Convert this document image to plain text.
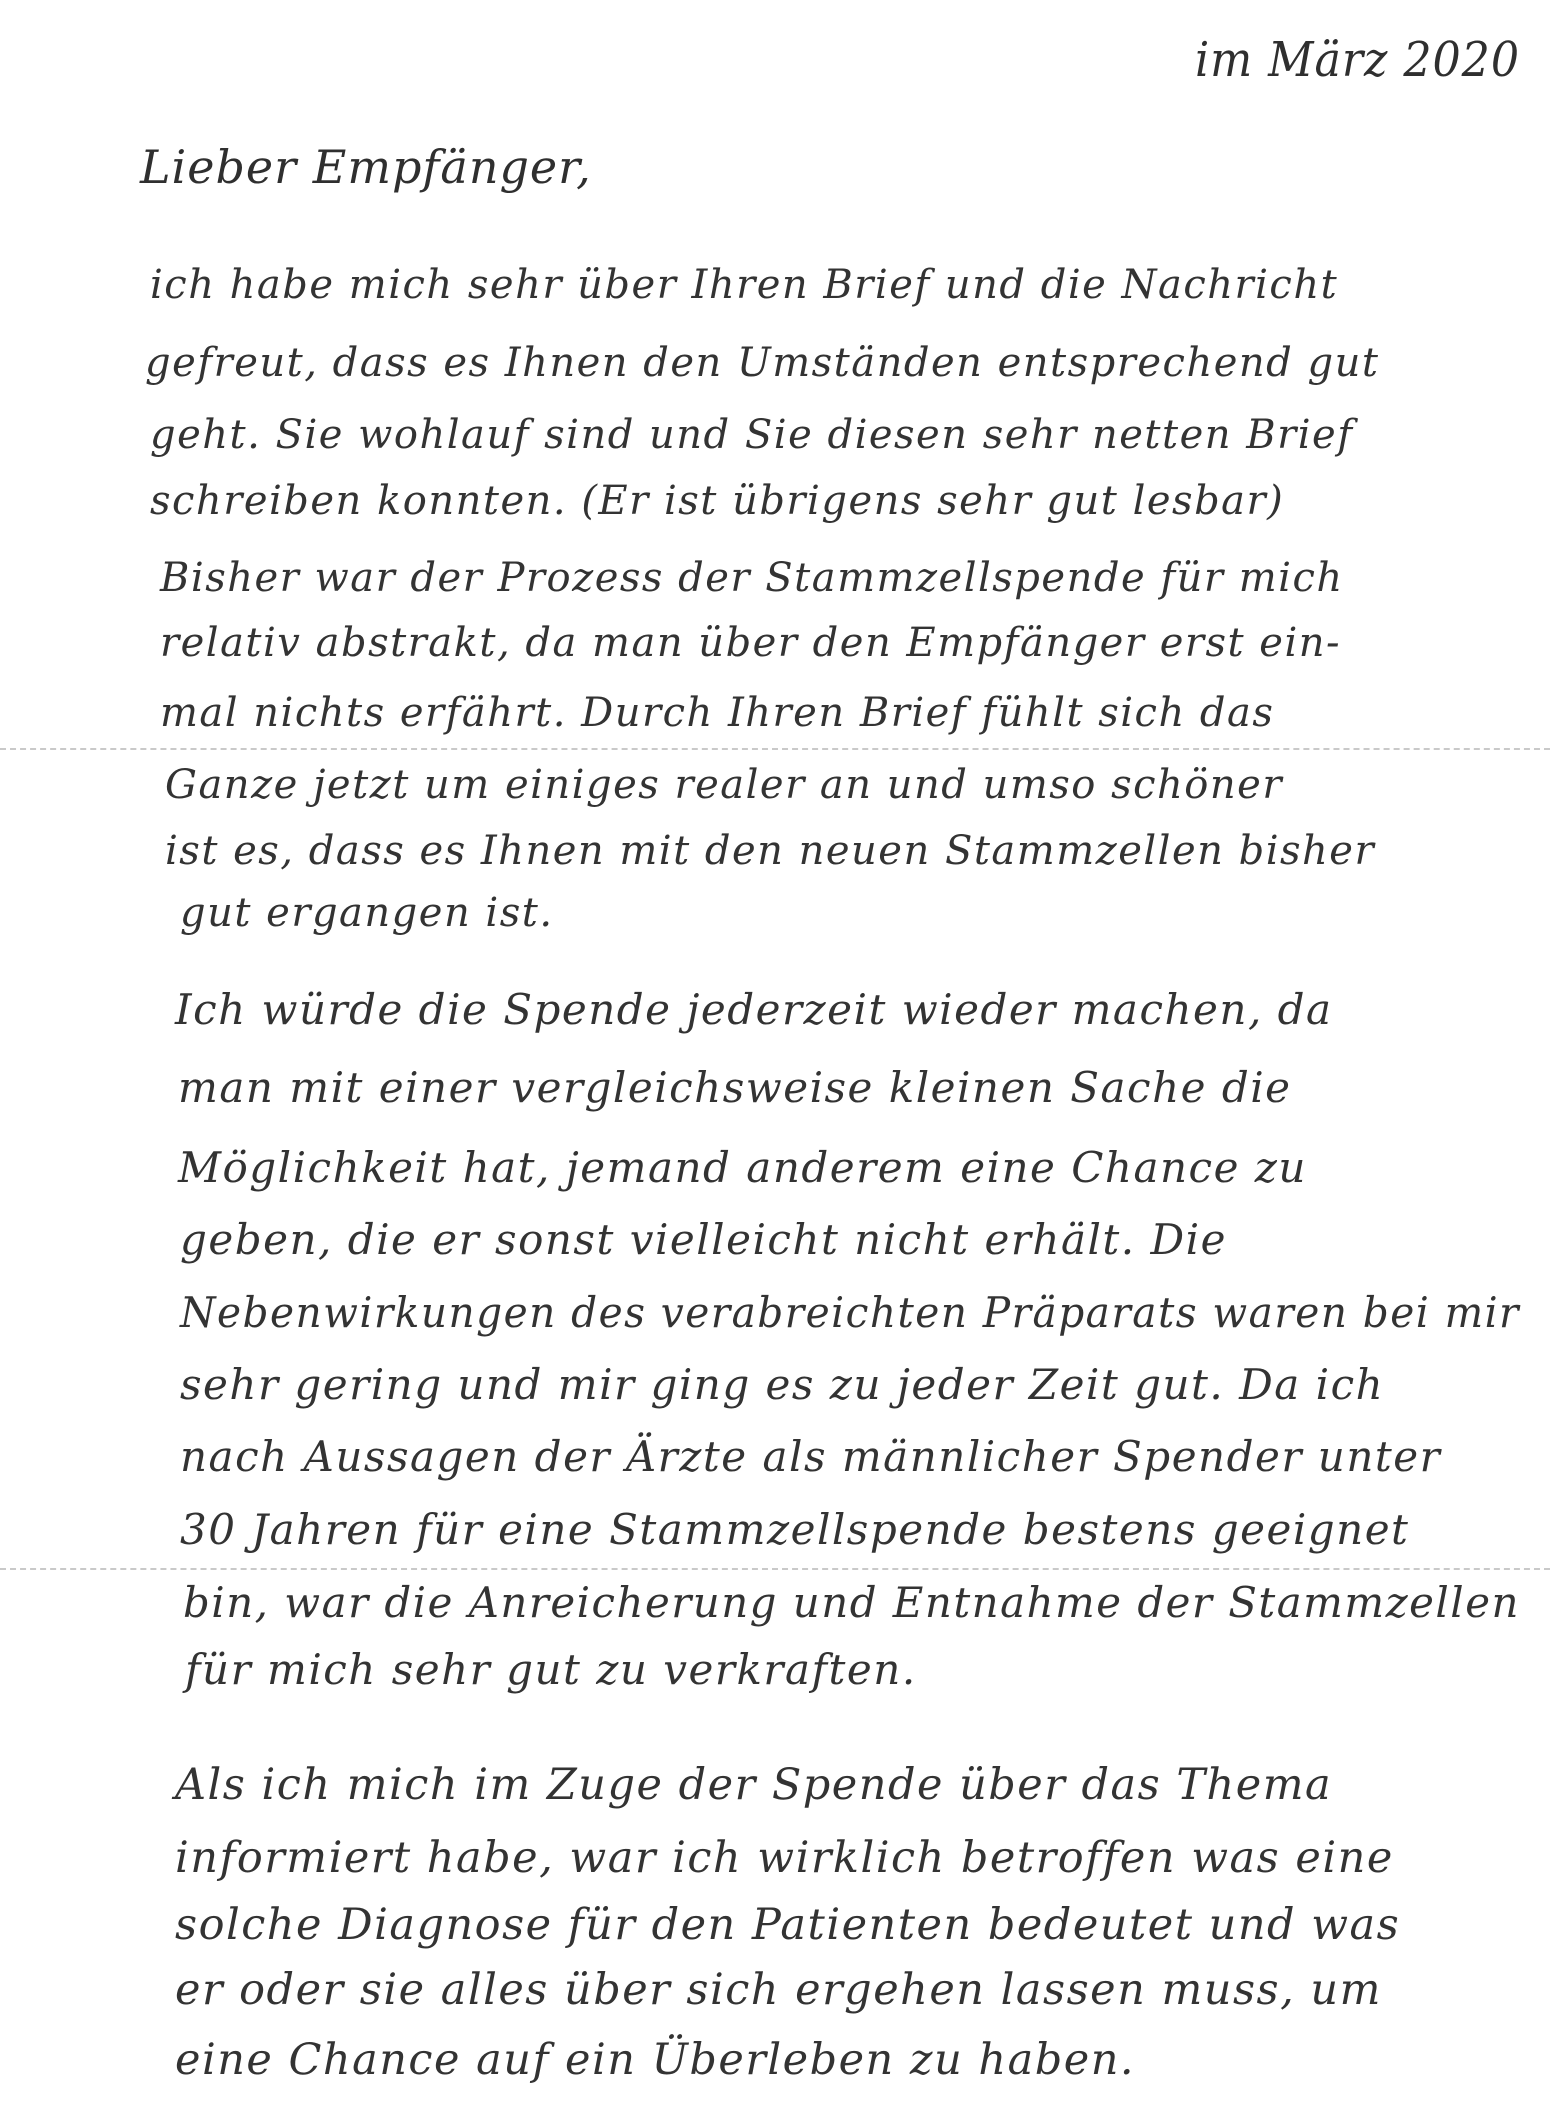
im März 2020
Lieber Empfänger,
ich habe mich sehr über Ihren Brief und die Nachricht
gefreut, dass es Ihnen den Umständen entsprechend gut
geht. Sie wohlauf sind und Sie diesen sehr netten Brief
schreiben konnten. (Er ist übrigens sehr gut lesbar)
Bisher war der Prozess der Stammzellspende für mich
relativ abstrakt, da man über den Empfänger erst ein-
mal nichts erfährt. Durch Ihren Brief fühlt sich das
Ganze jetzt um einiges realer an und umso schöner
ist es, dass es Ihnen mit den neuen Stammzellen bisher
gut ergangen ist.
Ich würde die Spende jederzeit wieder machen, da
man mit einer vergleichsweise kleinen Sache die
Möglichkeit hat, jemand anderem eine Chance zu
geben, die er sonst vielleicht nicht erhält. Die
Nebenwirkungen des verabreichten Präparats waren bei mir
sehr gering und mir ging es zu jeder Zeit gut. Da ich
nach Aussagen der Ärzte als männlicher Spender unter
30 Jahren für eine Stammzellspende bestens geeignet
bin, war die Anreicherung und Entnahme der Stammzellen
für mich sehr gut zu verkraften.
Als ich mich im Zuge der Spende über das Thema
informiert habe, war ich wirklich betroffen was eine
solche Diagnose für den Patienten bedeutet und was
er oder sie alles über sich ergehen lassen muss, um
eine Chance auf ein Überleben zu haben.
